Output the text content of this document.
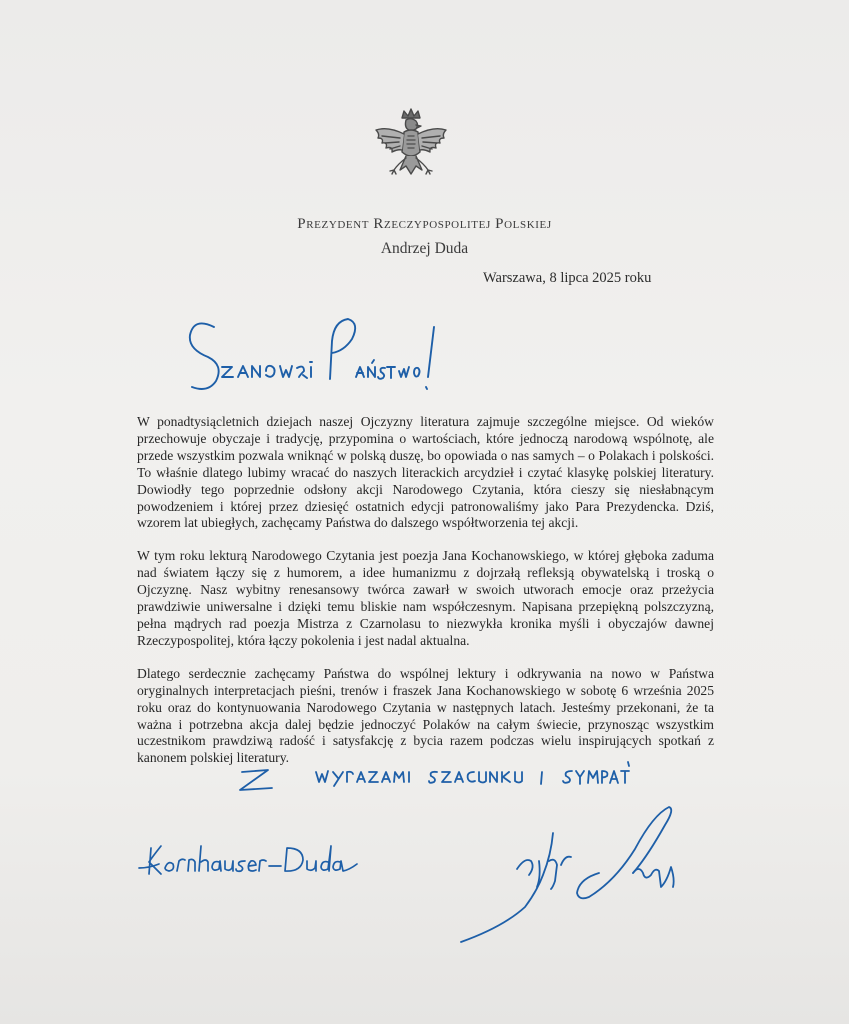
Prezydent Rzeczypospolitej Polskiej
Andrzej Duda
Warszawa, 8 lipca 2025 roku

W ponadtysiącletnich dziejach naszej Ojczyzny literatura zajmuje szczególne miejsce. Od wieków przechowuje obyczaje i tradycję, przypomina o wartościach, które jednoczą narodową wspólnotę, ale przede wszystkim pozwala wniknąć w polską duszę, bo opowiada o nas samych – o Polakach i polskości. To właśnie dlatego lubimy wracać do naszych literackich arcydzieł i czytać klasykę polskiej literatury. Dowiodły tego poprzednie odsłony akcji Narodowego Czytania, która cieszy się niesłabnącym powodzeniem i której przez dziesięć ostatnich edycji patronowaliśmy jako Para Prezydencka. Dziś, wzorem lat ubiegłych, zachęcamy Państwa do dalszego współtworzenia tej akcji.

W tym roku lekturą Narodowego Czytania jest poezja Jana Kochanowskiego, w której głęboka zaduma nad światem łączy się z humorem, a idee humanizmu z dojrzałą refleksją obywatelską i troską o Ojczyznę. Nasz wybitny renesansowy twórca zawarł w swoich utworach emocje oraz przeżycia prawdziwie uniwersalne i dzięki temu bliskie nam współczesnym. Napisana przepiękną polszczyzną, pełna mądrych rad poezja Mistrza z Czarnolasu to niezwykła kronika myśli i obyczajów dawnej Rzeczypospolitej, która łączy pokolenia i jest nadal aktualna.

Dlatego serdecznie zachęcamy Państwa do wspólnej lektury i odkrywania na nowo w Państwa oryginalnych interpretacjach pieśni, trenów i fraszek Jana Kochanowskiego w sobotę 6 września 2025 roku oraz do kontynuowania Narodowego Czytania w następnych latach. Jesteśmy przekonani, że ta ważna i potrzebna akcja dalej będzie jednoczyć Polaków na całym świecie, przynosząc wszystkim uczestnikom prawdziwą radość i satysfakcję z bycia razem podczas wielu inspirujących spotkań z kanonem polskiej literatury.
